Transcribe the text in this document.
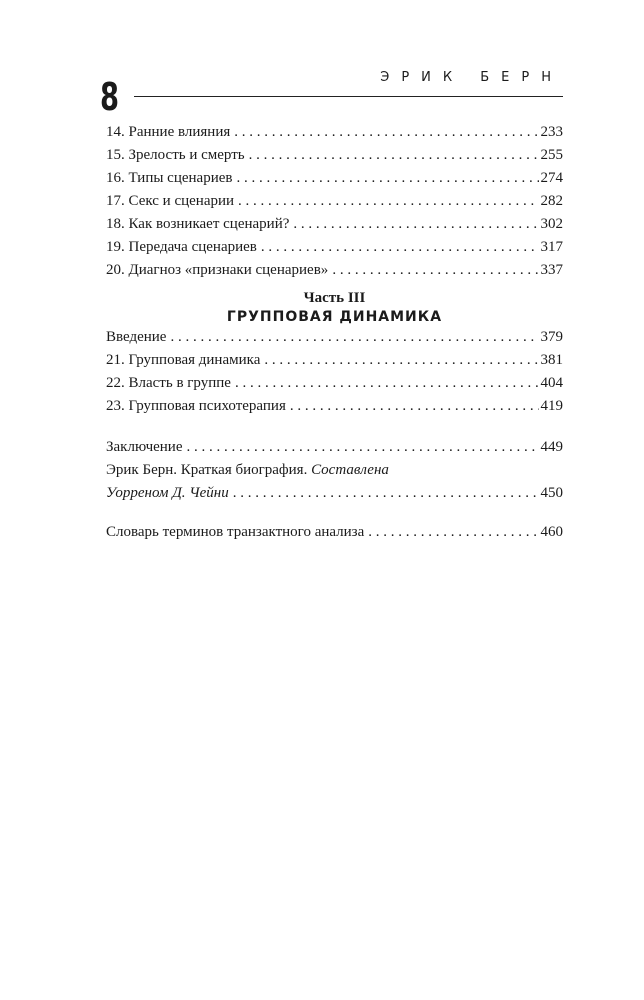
8	ЭРИК БЕРН
14. Ранние влияния . . .	233
15. Зрелость и смерть . . .	255
16. Типы сценариев . . .	274
17. Секс и сценарии . . .	282
18. Как возникает сценарий? . . .	302
19. Передача сценариев . . .	317
20. Диагноз «признаки сценариев» . . .	337
Часть III
ГРУППОВАЯ ДИНАМИКА
Введение . . .	379
21. Групповая динамика . . .	381
22. Власть в группе . . .	404
23. Групповая психотерапия . . .	419
Заключение . . .	449
Эрик Берн. Краткая биография. Составлена
Уорреном Д. Чейни . . .	450
Словарь терминов транзактного анализа . . .	460
